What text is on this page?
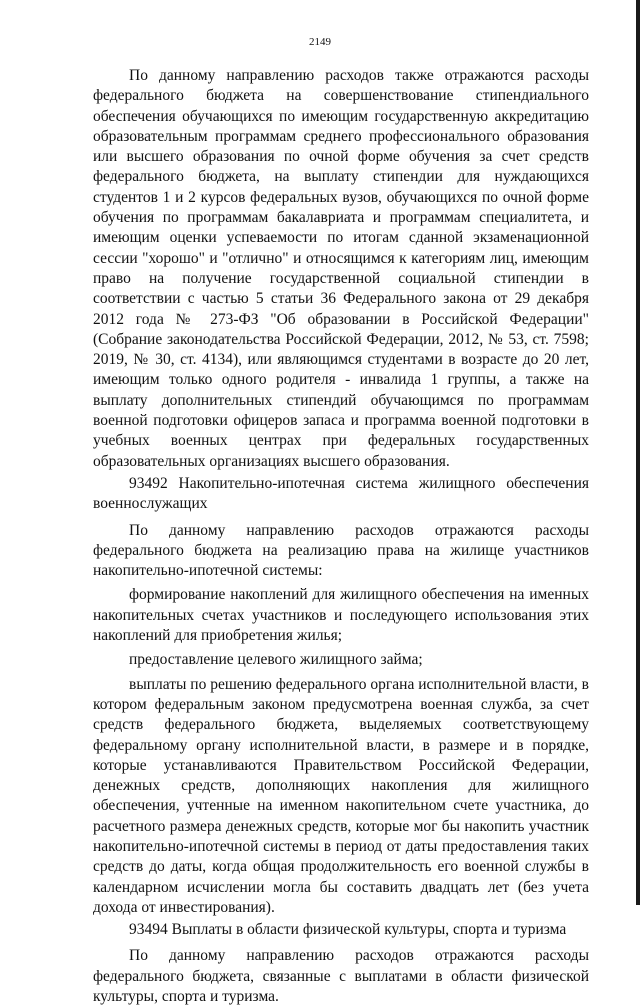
2149

По данному направлению расходов также отражаются расходы федерального бюджета на совершенствование стипендиального обеспечения обучающихся по имеющим государственную аккредитацию образовательным программам среднего профессионального образования или высшего образования по очной форме обучения за счет средств федерального бюджета, на выплату стипендии для нуждающихся студентов 1 и 2 курсов федеральных вузов, обучающихся по очной форме обучения по программам бакалавриата и программам специалитета, и имеющим оценки успеваемости по итогам сданной экзаменационной сессии "хорошо" и "отлично" и относящимся к категориям лиц, имеющим право на получение государственной социальной стипендии в соответствии с частью 5 статьи 36 Федерального закона от 29 декабря 2012 года № 273-ФЗ "Об образовании в Российской Федерации" (Собрание законодательства Российской Федерации, 2012, № 53, ст. 7598; 2019, № 30, ст. 4134), или являющимся студентами в возрасте до 20 лет, имеющим только одного родителя - инвалида 1 группы, а также на выплату дополнительных стипендий обучающимся по программам военной подготовки офицеров запаса и программа военной подготовки в учебных военных центрах при федеральных государственных образовательных организациях высшего образования.

93492 Накопительно-ипотечная система жилищного обеспечения военнослужащих

По данному направлению расходов отражаются расходы федерального бюджета на реализацию права на жилище участников накопительно-ипотечной системы:

формирование накоплений для жилищного обеспечения на именных накопительных счетах участников и последующего использования этих накоплений для приобретения жилья;

предоставление целевого жилищного займа;

выплаты по решению федерального органа исполнительной власти, в котором федеральным законом предусмотрена военная служба, за счет средств федерального бюджета, выделяемых соответствующему федеральному органу исполнительной власти, в размере и в порядке, которые устанавливаются Правительством Российской Федерации, денежных средств, дополняющих накопления для жилищного обеспечения, учтенные на именном накопительном счете участника, до расчетного размера денежных средств, которые мог бы накопить участник накопительно-ипотечной системы в период от даты предоставления таких средств до даты, когда общая продолжительность его военной службы в календарном исчислении могла бы составить двадцать лет (без учета дохода от инвестирования).

93494 Выплаты в области физической культуры, спорта и туризма

По данному направлению расходов отражаются расходы федерального бюджета, связанные с выплатами в области физической культуры, спорта и туризма.
